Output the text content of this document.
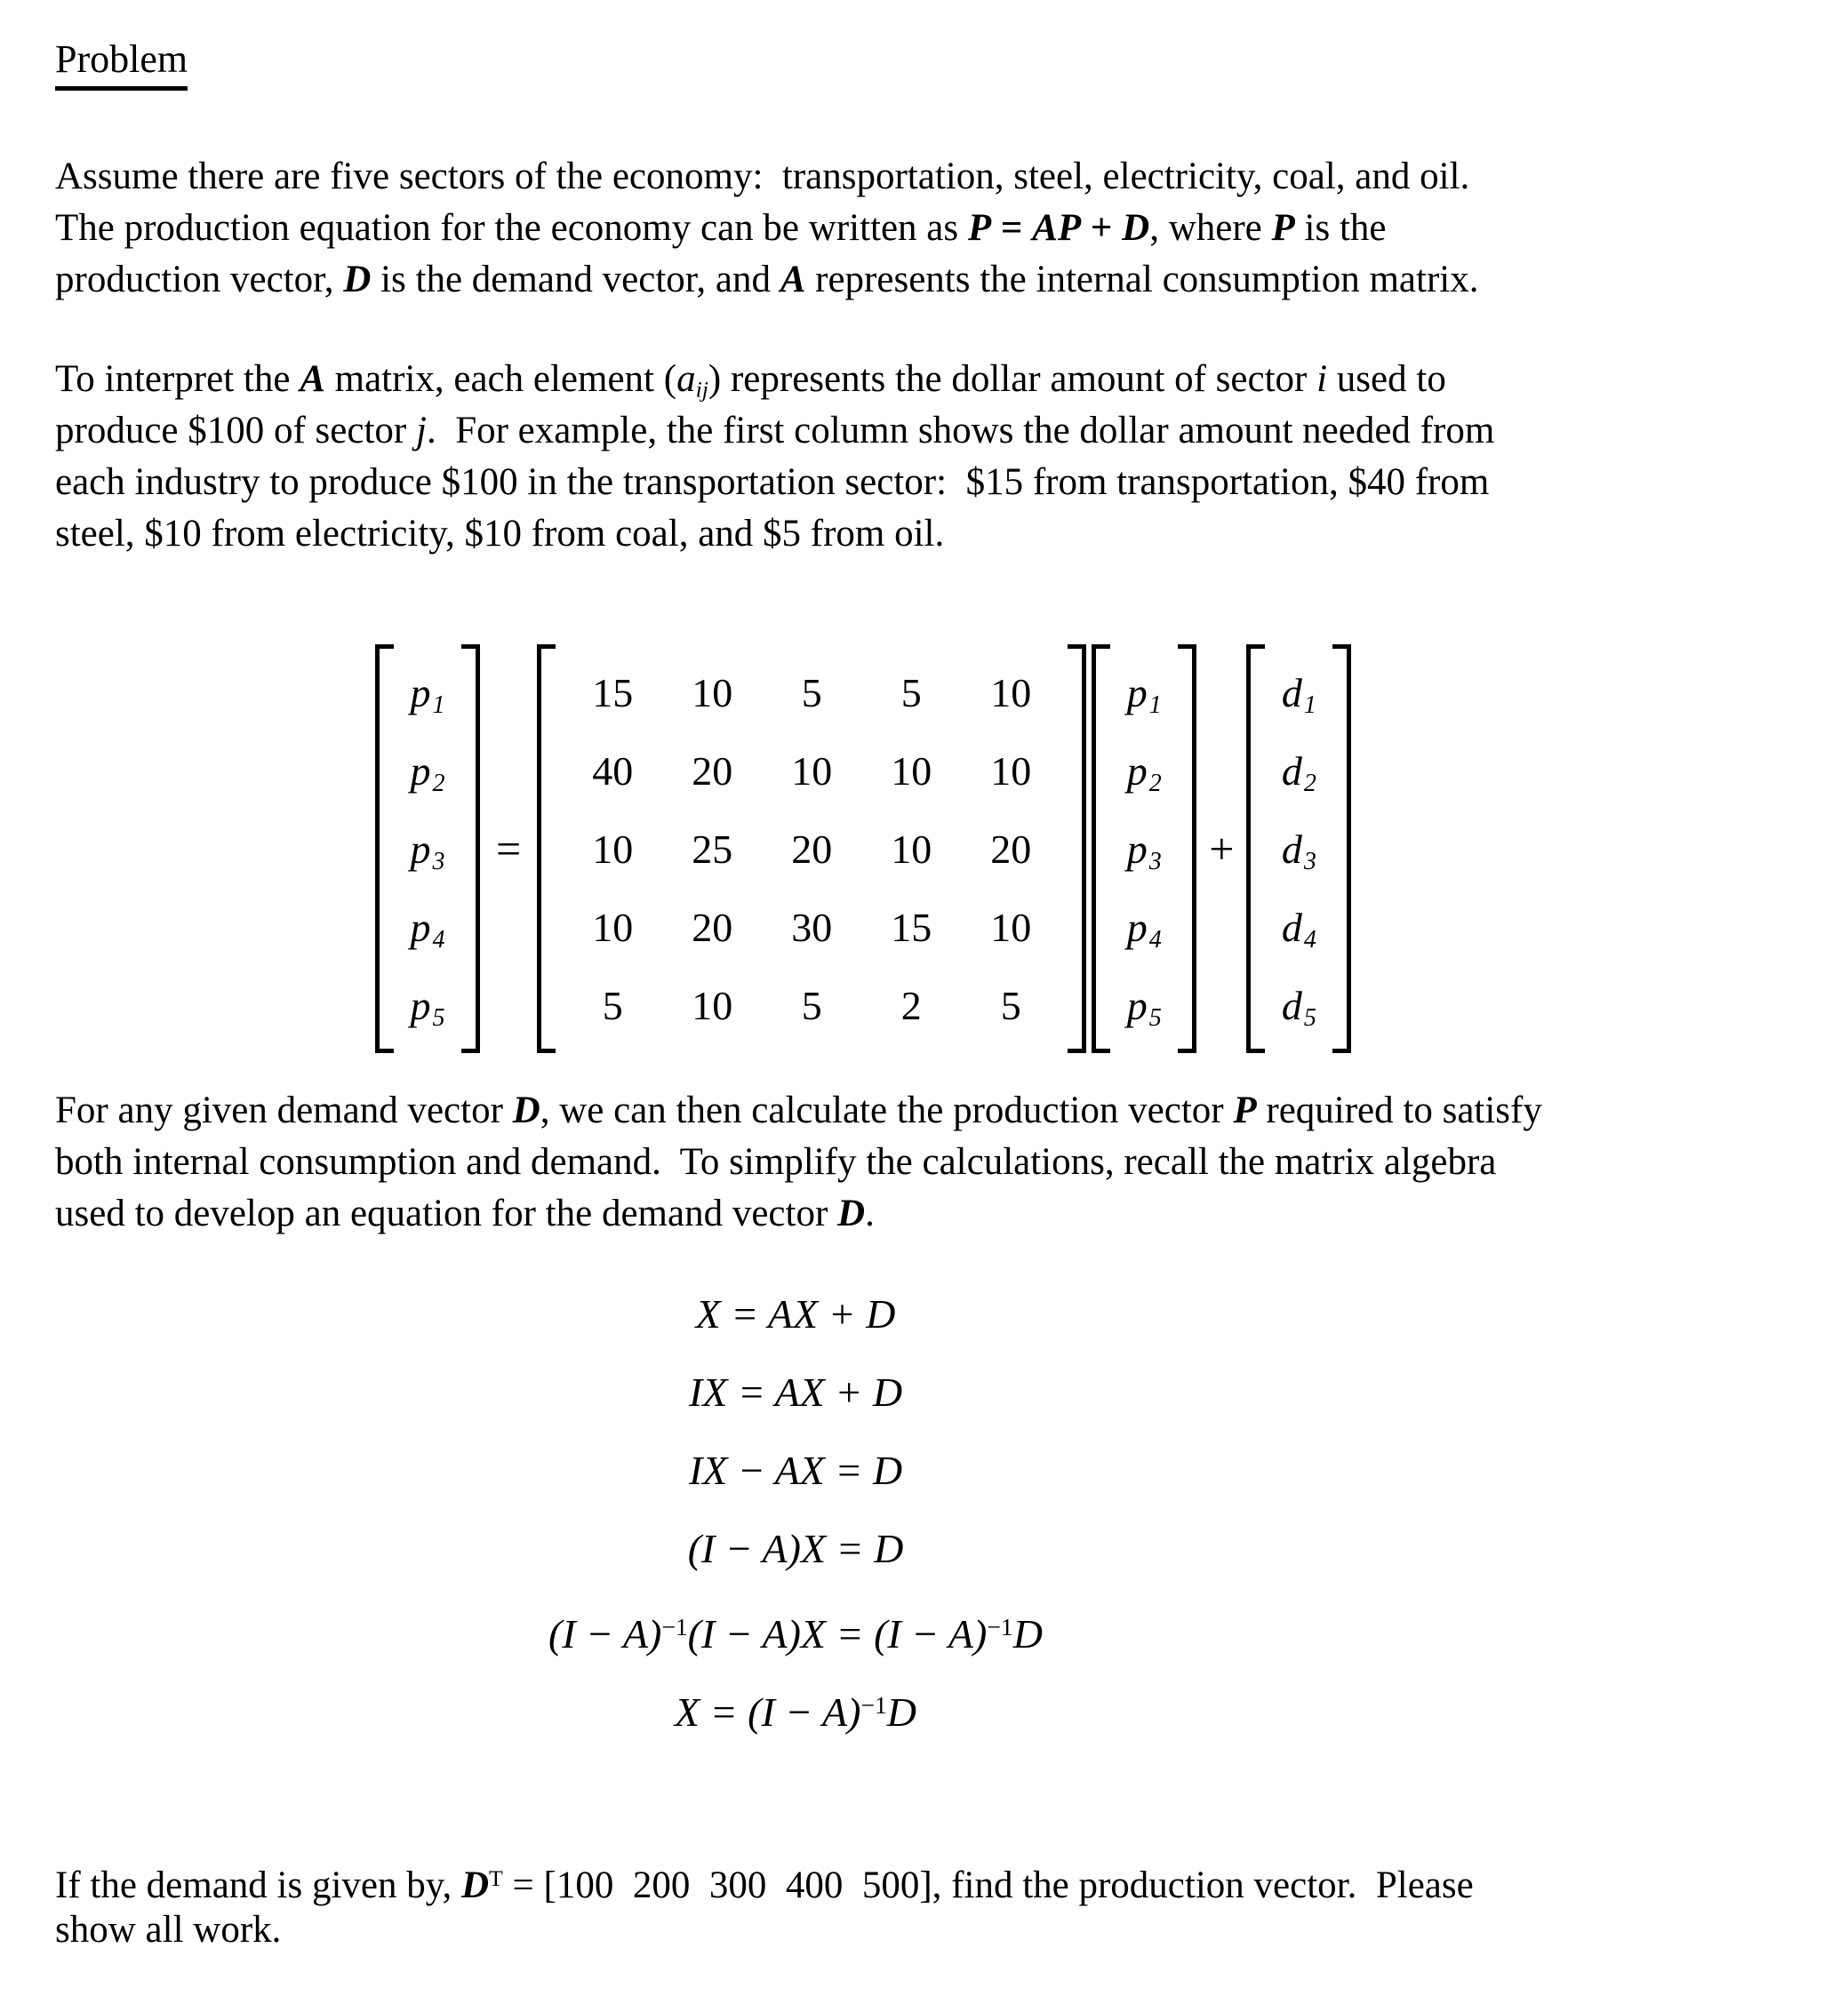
Problem
Assume there are five sectors of the economy:  transportation, steel, electricity, coal, and oil.
The production equation for the economy can be written as P = AP + D, where P is the
production vector, D is the demand vector, and A represents the internal consumption matrix.
To interpret the A matrix, each element (aij) represents the dollar amount of sector i used to
produce $100 of sector j.  For example, the first column shows the dollar amount needed from
each industry to produce $100 in the transportation sector:  $15 from transportation, $40 from
steel, $10 from electricity, $10 from coal, and $5 from oil.
p 1
p 2
p 3
p 4
p 5
=
15 10 5 5 10
40 20 10 10 10
10 25 20 10 20
10 20 30 15 10
5 10 5 2 5
p 1
p 2
p 3
p 4
p 5
+
d 1
d 2
d 3
d 4
d 5
For any given demand vector D, we can then calculate the production vector P required to satisfy
both internal consumption and demand.  To simplify the calculations, recall the matrix algebra
used to develop an equation for the demand vector D.
X = AX + D
IX = AX + D
IX − AX = D
(I − A)X = D
$(I - A)^{-1}(I - A)X = (I - A)^{-1}D$
$X = (I - A)^{-1}D$
If the demand is given by, $D^T = [100$  200  300  400  500], find the production vector.  Please
show all work.
